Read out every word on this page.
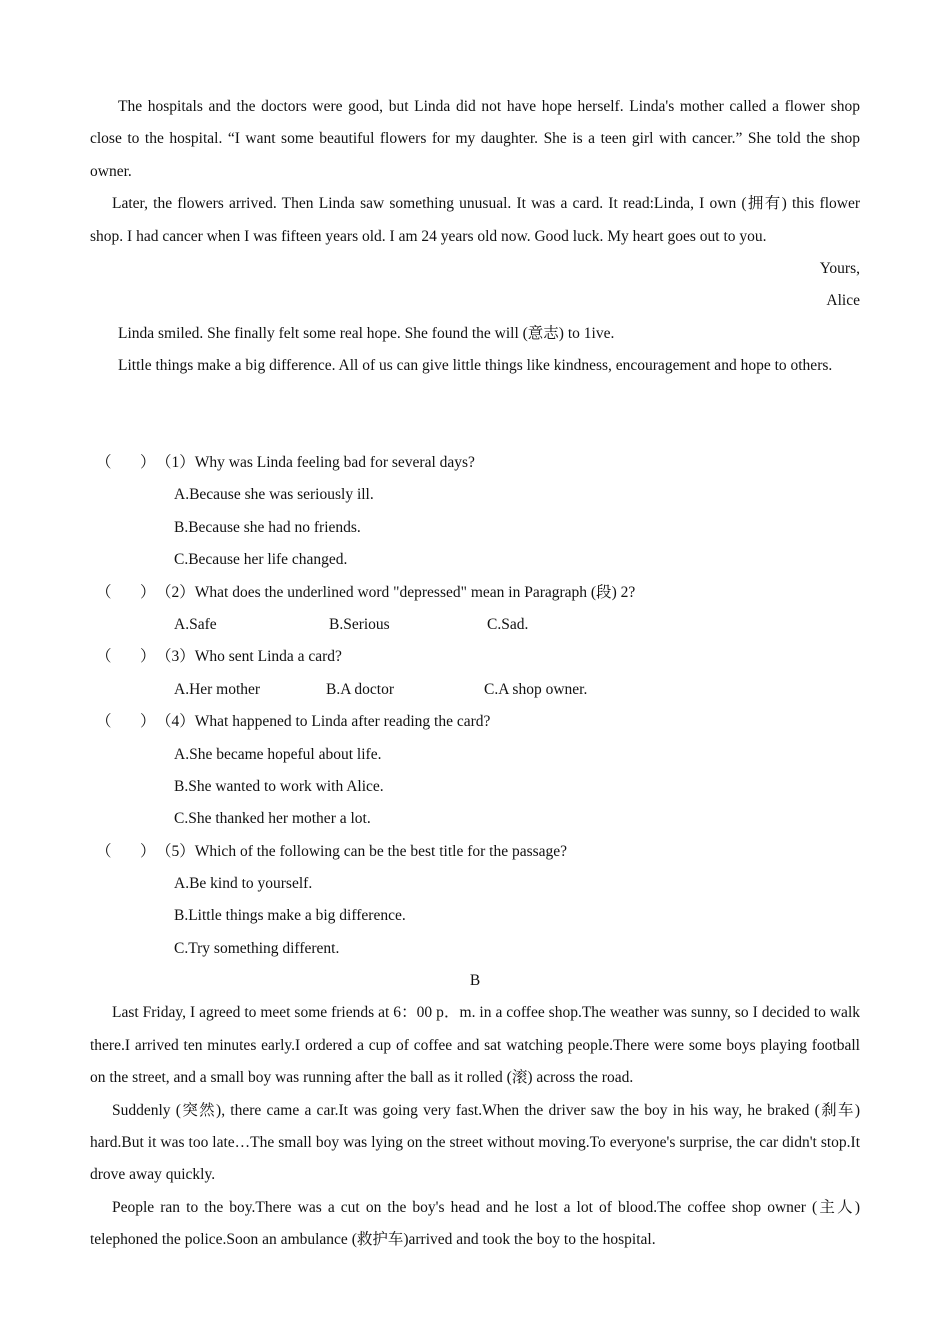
The hospitals and the doctors were good, but Linda did not have hope herself. Linda's mother called a flower shop close to the hospital. “I want some beautiful flowers for my daughter. She is a teen girl with cancer.” She told the shop owner.

Later, the flowers arrived. Then Linda saw something unusual. It was a card. It read:Linda, I own (拥有) this flower shop. I had cancer when I was fifteen years old. I am 24 years old now. Good luck. My heart goes out to you.

Yours,

Alice

Linda smiled. She finally felt some real hope. She found the will (意志) to 1ive.

Little things make a big difference. All of us can give little things like kindness, encouragement and hope to others.

（ ） （1）Why was Linda feeling bad for several days?
A.Because she was seriously ill.
B.Because she had no friends.
C.Because her life changed.
（ ） （2）What does the underlined word "depressed" mean in Paragraph (段) 2?
A.Safe	B.Serious	C.Sad.
（ ） （3）Who sent Linda a card?
A.Her mother	B.A doctor	C.A shop owner.
（ ） （4）What happened to Linda after reading the card?
A.She became hopeful about life.
B.She wanted to work with Alice.
C.She thanked her mother a lot.
（ ） （5）Which of the following can be the best title for the passage?
A.Be kind to yourself.
B.Little things make a big difference.
C.Try something different.

B

Last Friday, I agreed to meet some friends at 6：00 p．m. in a coffee shop.The weather was sunny, so I decided to walk there.I arrived ten minutes early.I ordered a cup of coffee and sat watching people.There were some boys playing football on the street, and a small boy was running after the ball as it rolled (滚) across the road.

Suddenly (突然), there came a car.It was going very fast.When the driver saw the boy in his way, he braked (刹车) hard.But it was too late…The small boy was lying on the street without moving.To everyone's surprise, the car didn't stop.It drove away quickly.

People ran to the boy.There was a cut on the boy's head and he lost a lot of blood.The coffee shop owner (主人) telephoned the police.Soon an ambulance (救护车)arrived and took the boy to the hospital.
